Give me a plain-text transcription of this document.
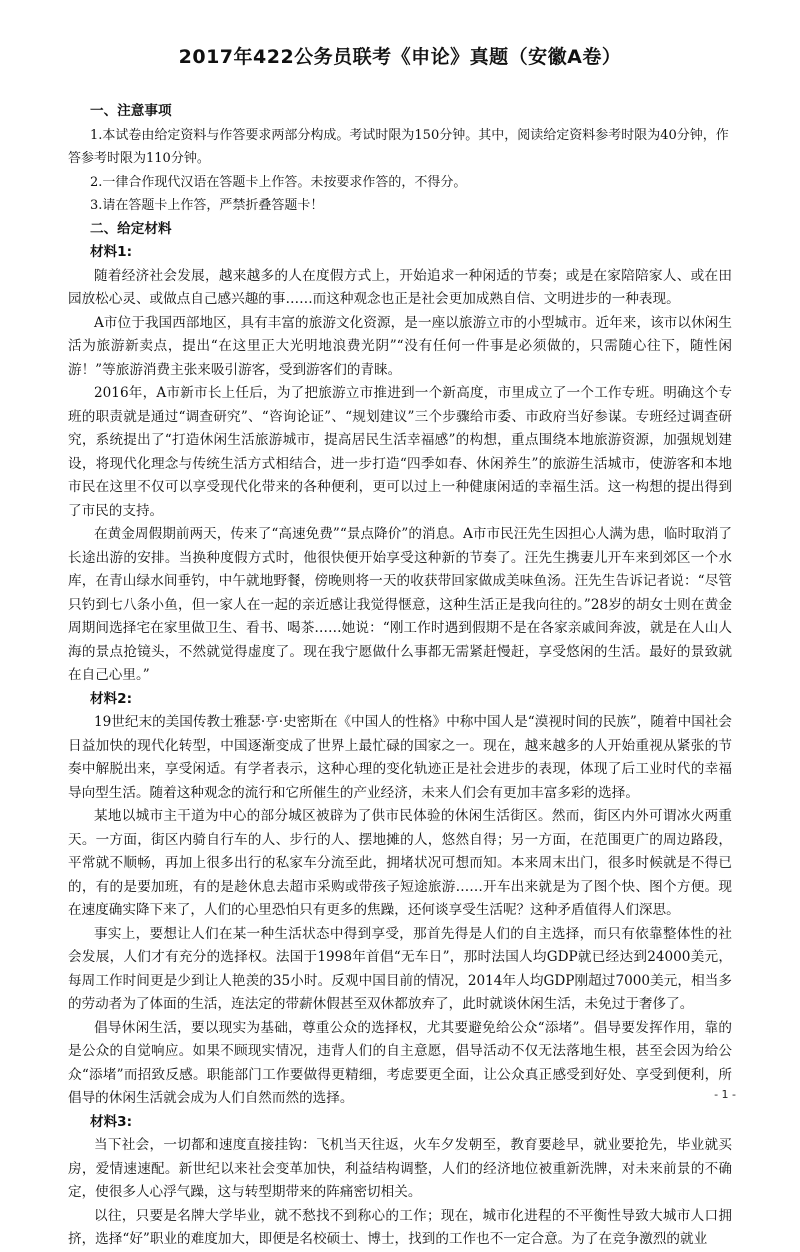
2017年422公务员联考《申论》真题（安徽A卷）
一、注意事项
1.本试卷由给定资料与作答要求两部分构成。考试时限为150分钟。其中，阅读给定资料参考时限为40分钟，作答参考时限为110分钟。
2.一律合作现代汉语在答题卡上作答。未按要求作答的，不得分。
3.请在答题卡上作答，严禁折叠答题卡！
二、给定材料
材料1:

随着经济社会发展，越来越多的人在度假方式上，开始追求一种闲适的节奏；或是在家陪陪家人、或在田园放松心灵、或做点自己感兴趣的事……而这种观念也正是社会更加成熟自信、文明进步的一种表现。

A市位于我国西部地区，具有丰富的旅游文化资源，是一座以旅游立市的小型城市。近年来，该市以休闲生活为旅游新卖点，提出“在这里正大光明地浪费光阴”“没有任何一件事是必须做的，只需随心往下，随性闲游！”等旅游消费主张来吸引游客，受到游客们的青睐。

2016年，A市新市长上任后，为了把旅游立市推进到一个新高度，市里成立了一个工作专班。明确这个专班的职责就是通过“调查研究”、“咨询论证”、“规划建议”三个步骤给市委、市政府当好参谋。专班经过调查研究，系统提出了“打造休闲生活旅游城市，提高居民生活幸福感”的构想，重点围绕本地旅游资源，加强规划建设，将现代化理念与传统生活方式相结合，进一步打造“四季如春、休闲养生”的旅游生活城市，使游客和本地市民在这里不仅可以享受现代化带来的各种便利，更可以过上一种健康闲适的幸福生活。这一构想的提出得到了市民的支持。

在黄金周假期前两天，传来了“高速免费”“景点降价”的消息。A市市民汪先生因担心人满为患，临时取消了长途出游的安排。当换种度假方式时，他很快便开始享受这种新的节奏了。汪先生携妻儿开车来到郊区一个水库，在青山绿水间垂钓，中午就地野餐，傍晚则将一天的收获带回家做成美味鱼汤。汪先生告诉记者说：“尽管只钓到七八条小鱼，但一家人在一起的亲近感让我觉得惬意，这种生活正是我向往的。”28岁的胡女士则在黄金周期间选择宅在家里做卫生、看书、喝茶……她说：“刚工作时遇到假期不是在各家亲戚间奔波，就是在人山人海的景点抢镜头，不然就觉得虚度了。现在我宁愿做什么事都无需紧赶慢赶，享受悠闲的生活。最好的景致就在自己心里。”

材料2:

19世纪末的美国传教士雅瑟·亨·史密斯在《中国人的性格》中称中国人是“漠视时间的民族”，随着中国社会日益加快的现代化转型，中国逐渐变成了世界上最忙碌的国家之一。现在，越来越多的人开始重视从紧张的节奏中解脱出来，享受闲适。有学者表示，这种心理的变化轨迹正是社会进步的表现，体现了后工业时代的幸福导向型生活。随着这种观念的流行和它所催生的产业经济，未来人们会有更加丰富多彩的选择。

某地以城市主干道为中心的部分城区被辟为了供市民体验的休闲生活街区。然而，街区内外可谓冰火两重天。一方面，街区内骑自行车的人、步行的人、摆地摊的人，悠然自得；另一方面，在范围更广的周边路段，平常就不顺畅，再加上很多出行的私家车分流至此，拥堵状况可想而知。本来周末出门，很多时候就是不得已的，有的是要加班，有的是趁休息去超市采购或带孩子短途旅游……开车出来就是为了图个快、图个方便。现在速度确实降下来了，人们的心里恐怕只有更多的焦躁，还何谈享受生活呢？这种矛盾值得人们深思。

事实上，要想让人们在某一种生活状态中得到享受，那首先得是人们的自主选择，而只有依靠整体性的社会发展，人们才有充分的选择权。法国于1998年首倡“无车日”，那时法国人均GDP就已经达到24000美元，每周工作时间更是少到让人艳羡的35小时。反观中国目前的情况，2014年人均GDP刚超过7000美元，相当多的劳动者为了体面的生活，连法定的带薪休假甚至双休都放弃了，此时就谈休闲生活，未免过于奢侈了。

倡导休闲生活，要以现实为基础，尊重公众的选择权，尤其要避免给公众“添堵”。倡导要发挥作用，靠的是公众的自觉响应。如果不顾现实情况，违背人们的自主意愿，倡导活动不仅无法落地生根，甚至会因为给公众“添堵”而招致反感。职能部门工作要做得更精细，考虑要更全面，让公众真正感受到好处、享受到便利，所倡导的休闲生活就会成为人们自然而然的选择。

材料3:

当下社会，一切都和速度直接挂钩：飞机当天往返，火车夕发朝至，教育要趁早，就业要抢先，毕业就买房，爱情速速配。新世纪以来社会变革加快，利益结构调整，人们的经济地位被重新洗牌，对未来前景的不确定，使很多人心浮气躁，这与转型期带来的阵痛密切相关。

以往，只要是名牌大学毕业，就不愁找不到称心的工作；现在，城市化进程的不平衡性导致大城市人口拥挤，选择“好”职业的难度加大，即便是名校硕士、博士，找到的工作也不一定合意。为了在竞争激烈的就业

- 1 -
